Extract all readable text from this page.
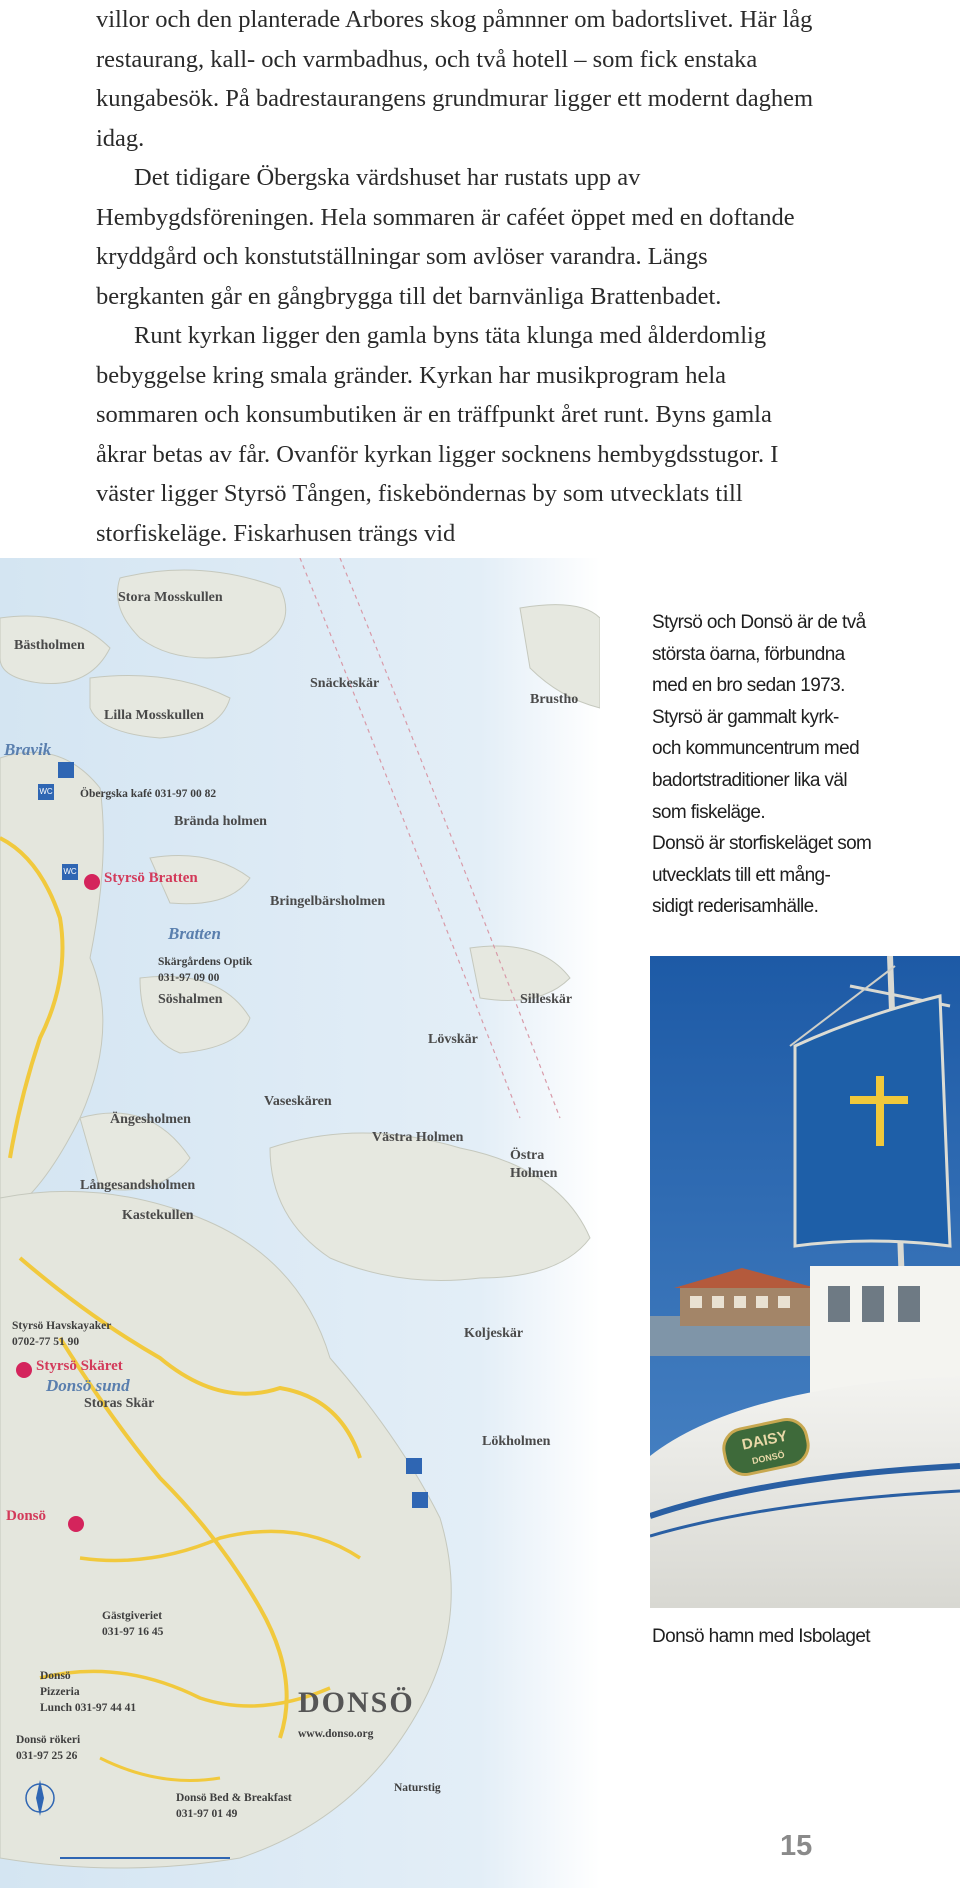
villor och den planterade Arbores skog påmnner om badortslivet. Här låg restaurang, kall- och varmbadhus, och två hotell – som fick enstaka kungabesök. På badrestaurangens grundmurar ligger ett modernt daghem idag.

Det tidigare Öbergska värdshuset har rustats upp av Hembygdsföreningen. Hela sommaren är caféet öppet med en doftande kryddgård och konstutställningar som avlöser varandra. Längs bergkanten går en gångbrygga till det barnvänliga Brattenbadet.

Runt kyrkan ligger den gamla byns täta klunga med ålderdomlig bebyggelse kring smala gränder. Kyrkan har musikprogram hela sommaren och konsumbutiken är en träffpunkt året runt. Byns gamla åkrar betas av får. Ovanför kyrkan ligger socknens hembygdsstugor. I väster ligger Styrsö Tången, fiskeböndernas by som utvecklats till storfiskeläge. Fiskarhusen trängs vid

Stora Mosskullen
Bästholmen
Snäckeskär
Brustho
Lilla Mosskullen
Bravik
WC Öbergska kafé 031-97 00 82
Brända holmen
WC Styrsö Bratten
Bringelbärsholmen
Bratten
Skärgårdens Optik
031-97 09 00
Söshalmen	Silleskär
Lövskär
Vaseskären
Ängesholmen
Västra Holmen
Östra
Holmen
Långesandsholmen
Kastekullen
Styrsö Havskayaker
0702-77 51 90
Koljeskär
Styrsö Skäret
Donsö sund
Storas Skär
Lökholmen
Donsö
Gästgiveriet
031-97 16 45
Donsö
Pizzeria
Lunch 031-97 44 41	DONSÖ
www.donso.org
Donsö rökeri
031-97 25 26
Naturstig
Donsö Bed & Breakfast
031-97 01 49

Styrsö och Donsö är de två

största öarna, förbundna

med en bro sedan 1973.

Styrsö är gammalt kyrk-

och kommuncentrum med

badortstraditioner lika väl

som fiskeläge.

Donsö är storfiskeläget som

utvecklats till ett mång-

sidigt rederisamhälle.

DAISY
DONSÖ
Donsö hamn med Isbolaget
15
